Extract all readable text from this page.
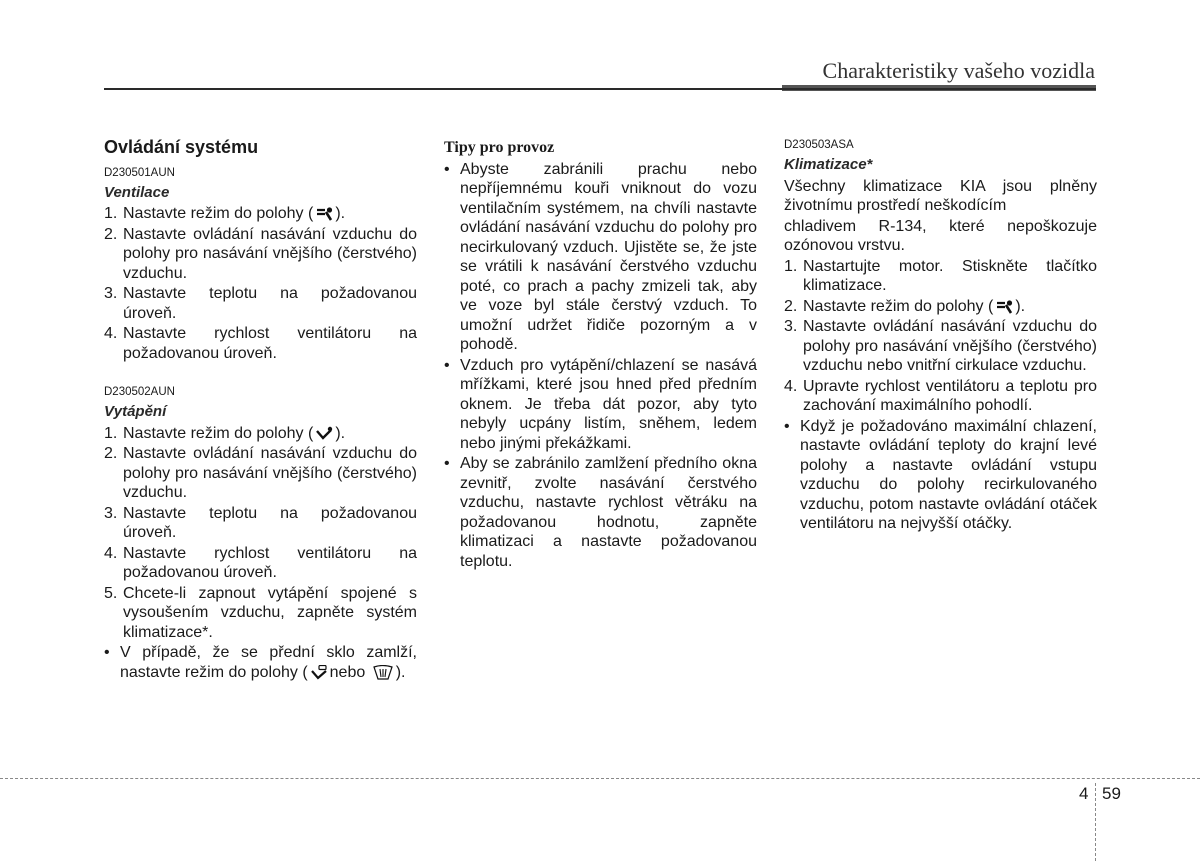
Charakteristiky vašeho vozidla
Ovládání systému
D230501AUN
Ventilace
1. Nastavte režim do polohy ( ).
2. Nastavte ovládání nasávání vzduchu do polohy pro nasávání vnějšího (čerstvého) vzduchu.
3. Nastavte teplotu na požadovanou úroveň.
4. Nastavte rychlost ventilátoru na požadovanou úroveň.
D230502AUN
Vytápění
1. Nastavte režim do polohy ( ).
2. Nastavte ovládání nasávání vzduchu do polohy pro nasávání vnějšího (čerstvého) vzduchu.
3. Nastavte teplotu na požadovanou úroveň.
4. Nastavte rychlost ventilátoru na požadovanou úroveň.
5. Chcete-li zapnout vytápění spojené s vysoušením vzduchu, zapněte systém klimatizace*.
• V případě, že se přední sklo zamlží, nastavte režim do polohy ( nebo ).
Tipy pro provoz
• Abyste zabránili prachu nebo nepříjemnému kouři vniknout do vozu ventilačním systémem, na chvíli nastavte ovládání nasávání vzduchu do polohy pro necirkulovaný vzduch. Ujistěte se, že jste se vrátili k nasávání čerstvého vzduchu poté, co prach a pachy zmizeli tak, aby ve voze byl stále čerstvý vzduch. To umožní udržet řidiče pozorným a v pohodě.
• Vzduch pro vytápění/chlazení se nasává mřížkami, které jsou hned před předním oknem. Je třeba dát pozor, aby tyto nebyly ucpány listím, sněhem, ledem nebo jinými překážkami.
• Aby se zabránilo zamlžení předního okna zevnitř, zvolte nasávání čerstvého vzduchu, nastavte rychlost větráku na požadovanou hodnotu, zapněte klimatizaci a nastavte požadovanou teplotu.
D230503ASA
Klimatizace*
Všechny klimatizace KIA jsou plněny životnímu prostředí neškodícím
chladivem R-134, které nepoškozuje ozónovou vrstvu.
1. Nastartujte motor. Stiskněte tlačítko klimatizace.
2. Nastavte režim do polohy ( ).
3. Nastavte ovládání nasávání vzduchu do polohy pro nasávání vnějšího (čerstvého) vzduchu nebo vnitřní cirkulace vzduchu.
4. Upravte rychlost ventilátoru a teplotu pro zachování maximálního pohodlí.
• Když je požadováno maximální chlazení, nastavte ovládání teploty do krajní levé polohy a nastavte ovládání vstupu vzduchu do polohy recirkulovaného vzduchu, potom nastavte ovládání otáček ventilátoru na nejvyšší otáčky.
4 59
